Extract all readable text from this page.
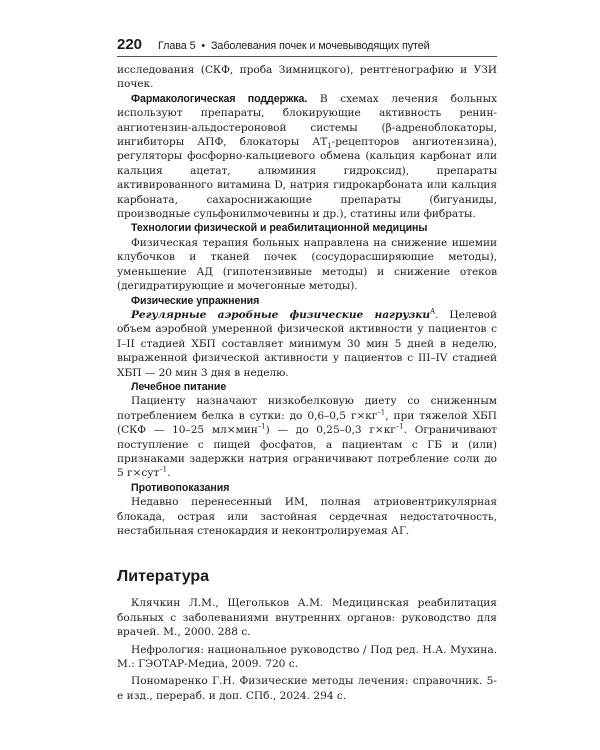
220 Глава 5 • Заболевания почек и мочевыводящих путей

исследования (СКФ, проба Зимницкого), рентгенографию и УЗИ почек.

Фармакологическая поддержка. В схемах лечения больных используют препараты, блокирующие активность ренин-ангиотензин-альдостероновой системы (β-адреноблокаторы, ингибиторы АПФ, блокаторы $АТ_1$-рецепторов ангиотензина), регуляторы фосфорно-кальциевого обмена (кальция карбонат или кальция ацетат, алюминия гидроксид), препараты активированного витамина D, натрия гидрокарбоната или кальция карбоната, сахароснижающие препараты (бигуаниды, производные сульфонилмочевины и др.), статины или фибраты.

Технологии физической и реабилитационной медицины

Физическая терапия больных направлена на снижение ишемии клубочков и тканей почек (сосудорасширяющие методы), уменьшение АД (гипотензивные методы) и снижение отеков (дегидратирующие и мочегонные методы).

Физические упражнения

Регулярные аэробные физические нагрузки$^A$. Целевой объем аэробной умеренной физической активности у пациентов с I–II стадией ХБП составляет минимум 30 мин 5 дней в неделю, выраженной физической активности у пациентов с III–IV стадией ХБП — 20 мин 3 дня в неделю.

Лечебное питание

Пациенту назначают низкобелковую диету со сниженным потреблением белка в сутки: до 0,6–0,5 $г\times кг^{-1}$, при тяжелой ХБП (СКФ — 10–25 мл×мин$^{-1}$) — до 0,25–0,3 $г\times кг^{-1}$. Ограничивают поступление с пищей фосфатов, а пациентам с ГБ и (или) признаками задержки натрия ограничивают потребление соли до 5 г×сут$^{-1}$.

Противопоказания

Недавно перенесенный ИМ, полная атриовентрикулярная блокада, острая или застойная сердечная недостаточность, нестабильная стенокардия и неконтролируемая АГ.

Литература

Клячкин Л.М., Щегольков А.М. Медицинская реабилитация больных с заболеваниями внутренних органов: руководство для врачей. М., 2000. 288 с.

Нефрология: национальное руководство / Под ред. Н.А. Мухина. М.: ГЭОТАР-Медиа, 2009. 720 с.

Пономаренко Г.Н. Физические методы лечения: справочник. 5-е изд., перераб. и доп. СПб., 2024. 294 с.
